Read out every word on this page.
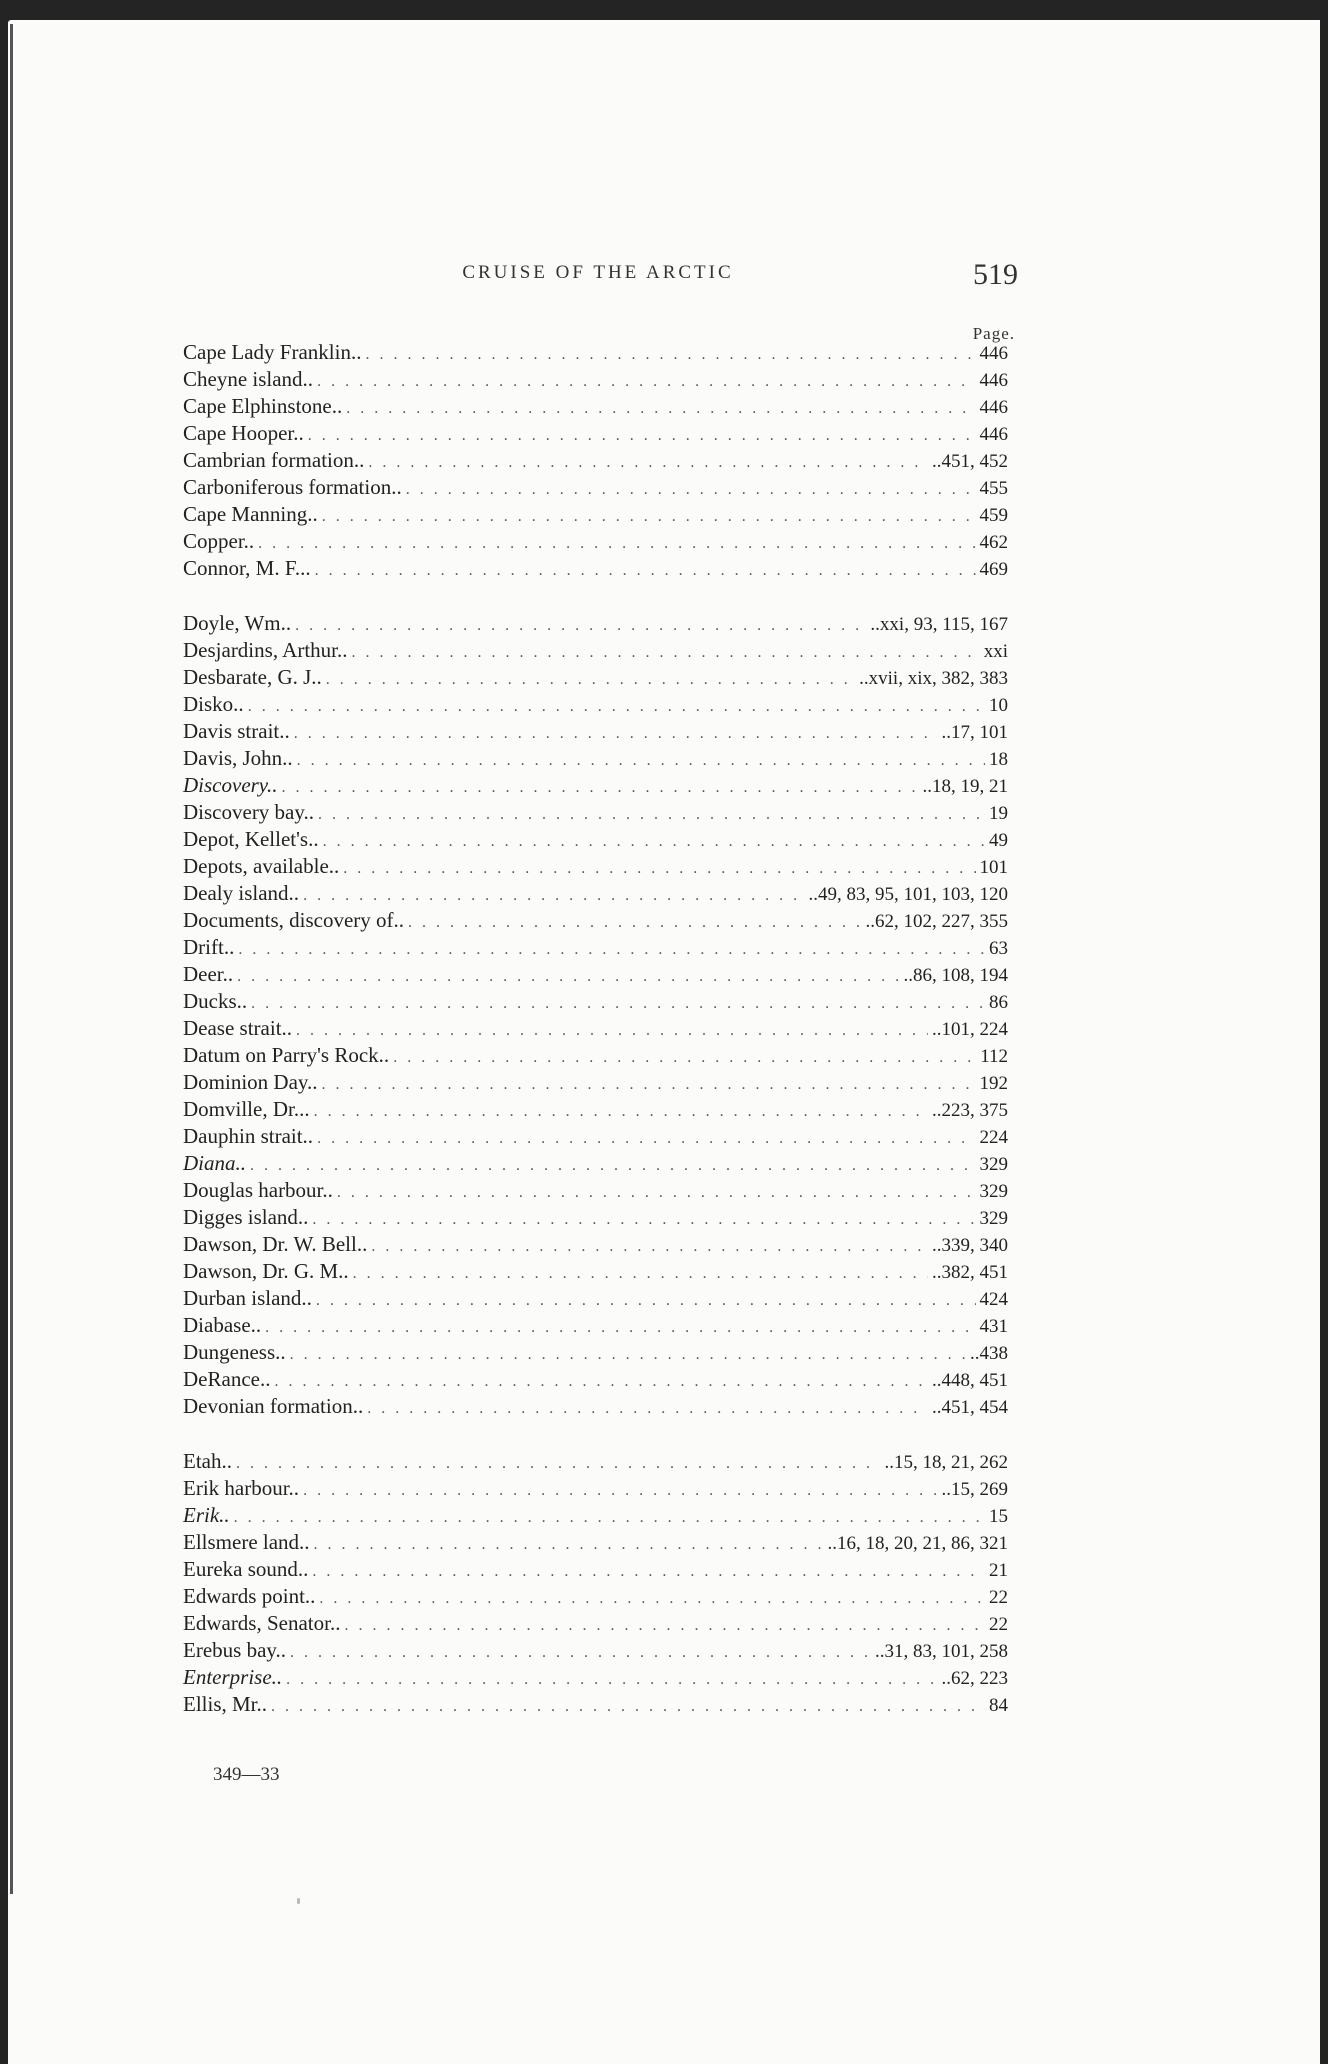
CRUISE OF THE ARCTIC	519
Page.
Cape Lady Franklin.. . . .	446
Cheyne island.. . . .	446
Cape Elphinstone.. . . .	446
Cape Hooper.. . . .	446
Cambrian formation.. . . .	..451, 452
Carboniferous formation.. . . .	455
Cape Manning.. . . .	459
Copper.. . . .	462
Connor, M. F... . . .	469
Doyle, Wm.. . . .	..xxi, 93, 115, 167
Desjardins, Arthur.. . . .	xxi
Desbarate, G. J.. . . .	..xvii, xix, 382, 383
Disko.. . . .	10
Davis strait.. . . .	..17, 101
Davis, John.. . . .	18
Discovery.. . . .	..18, 19, 21
Discovery bay.. . . .	19
Depot, Kellet's.. . . .	49
Depots, available.. . . .	101
Dealy island.. . . .	..49, 83, 95, 101, 103, 120
Documents, discovery of.. . . .	..62, 102, 227, 355
Drift.. . . .	63
Deer.. . . .	..86, 108, 194
Ducks.. . . .	86
Dease strait.. . . .	..101, 224
Datum on Parry's Rock.. . . .	112
Dominion Day.. . . .	192
Domville, Dr... . . .	..223, 375
Dauphin strait.. . . .	224
Diana.. . . .	329
Douglas harbour.. . . .	329
Digges island.. . . .	329
Dawson, Dr. W. Bell.. . . .	..339, 340
Dawson, Dr. G. M.. . . .	..382, 451
Durban island.. . . .	424
Diabase.. . . .	431
Dungeness.. . . .	..438
DeRance.. . . .	..448, 451
Devonian formation.. . . .	..451, 454
Etah.. . . .	..15, 18, 21, 262
Erik harbour.. . . .	..15, 269
Erik.. . . .	15
Ellsmere land.. . . .	..16, 18, 20, 21, 86, 321
Eureka sound.. . . .	21
Edwards point.. . . .	22
Edwards, Senator.. . . .	22
Erebus bay.. . . .	..31, 83, 101, 258
Enterprise.. . . .	..62, 223
Ellis, Mr.. . . .	84
349—33
